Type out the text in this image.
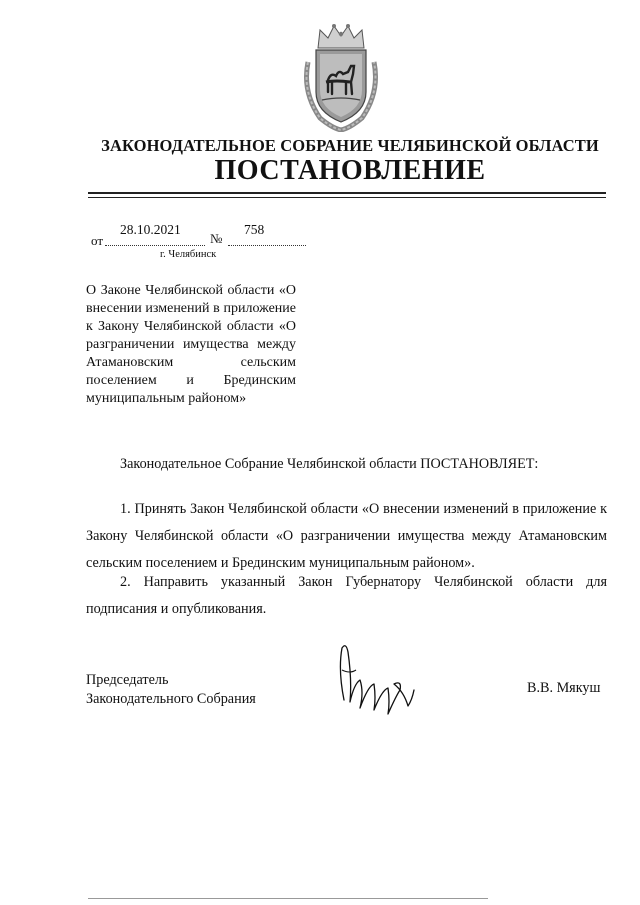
ЗАКОНОДАТЕЛЬНОЕ СОБРАНИЕ ЧЕЛЯБИНСКОЙ ОБЛАСТИ
ПОСТАНОВЛЕНИЕ
от
28.10.2021
№
758
г. Челябинск
О Законе Челябинской области «О внесении изменений в приложение к Закону Челябинской области «О разграничении имущества между Атамановским сельским поселением и Брединским муниципальным районом»
Законодательное Собрание Челябинской области ПОСТАНОВЛЯЕТ:
1. Принять Закон Челябинской области «О внесении изменений в приложение к Закону Челябинской области «О разграничении имущества между Атамановским сельским поселением и Брединским муниципальным районом».
2. Направить указанный Закон Губернатору Челябинской области для подписания и опубликования.
Председатель
Законодательного Собрания
В.В. Мякуш
